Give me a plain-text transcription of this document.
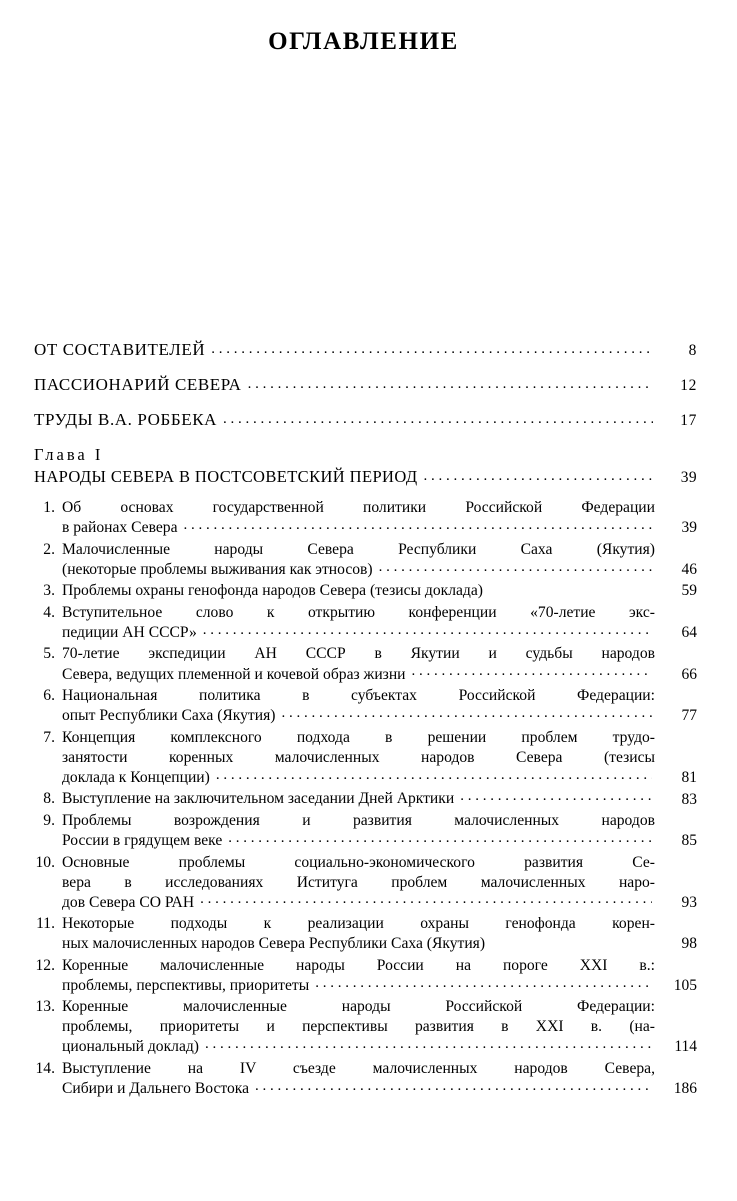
ОГЛАВЛЕНИЕ
ОТ СОСТАВИТЕЛЕЙ . . .	8
ПАССИОНАРИЙ СЕВЕРА . . .	12
ТРУДЫ В.А. РОББЕКА . . .	17
Глава I
НАРОДЫ СЕВЕРА В ПОСТСОВЕТСКИЙ ПЕРИОД . . .	39
1. Об основах государственной политики Российской Федерации
в районах Севера . . .	39
2. Малочисленные народы Севера Республики Саха (Якутия)
(некоторые проблемы выживания как этносов) . . .	46
3. Проблемы охраны генофонда народов Севера (тезисы доклада)	59
4. Вступительное слово к открытию конференции «70-летие экс-
педиции АН СССР» . . .	64
5. 70-летие экспедиции АН СССР в Якутии и судьбы народов
Севера, ведущих племенной и кочевой образ жизни . . .	66
6. Национальная политика в субъектах Российской Федерации:
опыт Республики Саха (Якутия) . . .	77
7. Концепция комплексного подхода в решении проблем трудо-
занятости коренных малочисленных народов Севера (тезисы
доклада к Концепции) . . .	81
8. Выступление на заключительном заседании Дней Арктики . . .	83
9. Проблемы возрождения и развития малочисленных народов
России в грядущем веке . . .	85
10. Основные проблемы социально-экономического развития Се-
вера в исследованиях Иституга проблем малочисленных наро-
дов Севера СО РАН . . .	93
11. Некоторые подходы к реализации охраны генофонда корен-
ных малочисленных народов Севера Республики Саха (Якутия)	98
12. Коренные малочисленные народы России на пороге XXI в.:
проблемы, перспективы, приоритеты . . .	105
13. Коренные малочисленные народы Российской Федерации:
проблемы, приоритеты и перспективы развития в XXI в. (на-
циональный доклад) . . .	114
14. Выступление на IV съезде малочисленных народов Севера,
Сибири и Дальнего Востока . . .	186
